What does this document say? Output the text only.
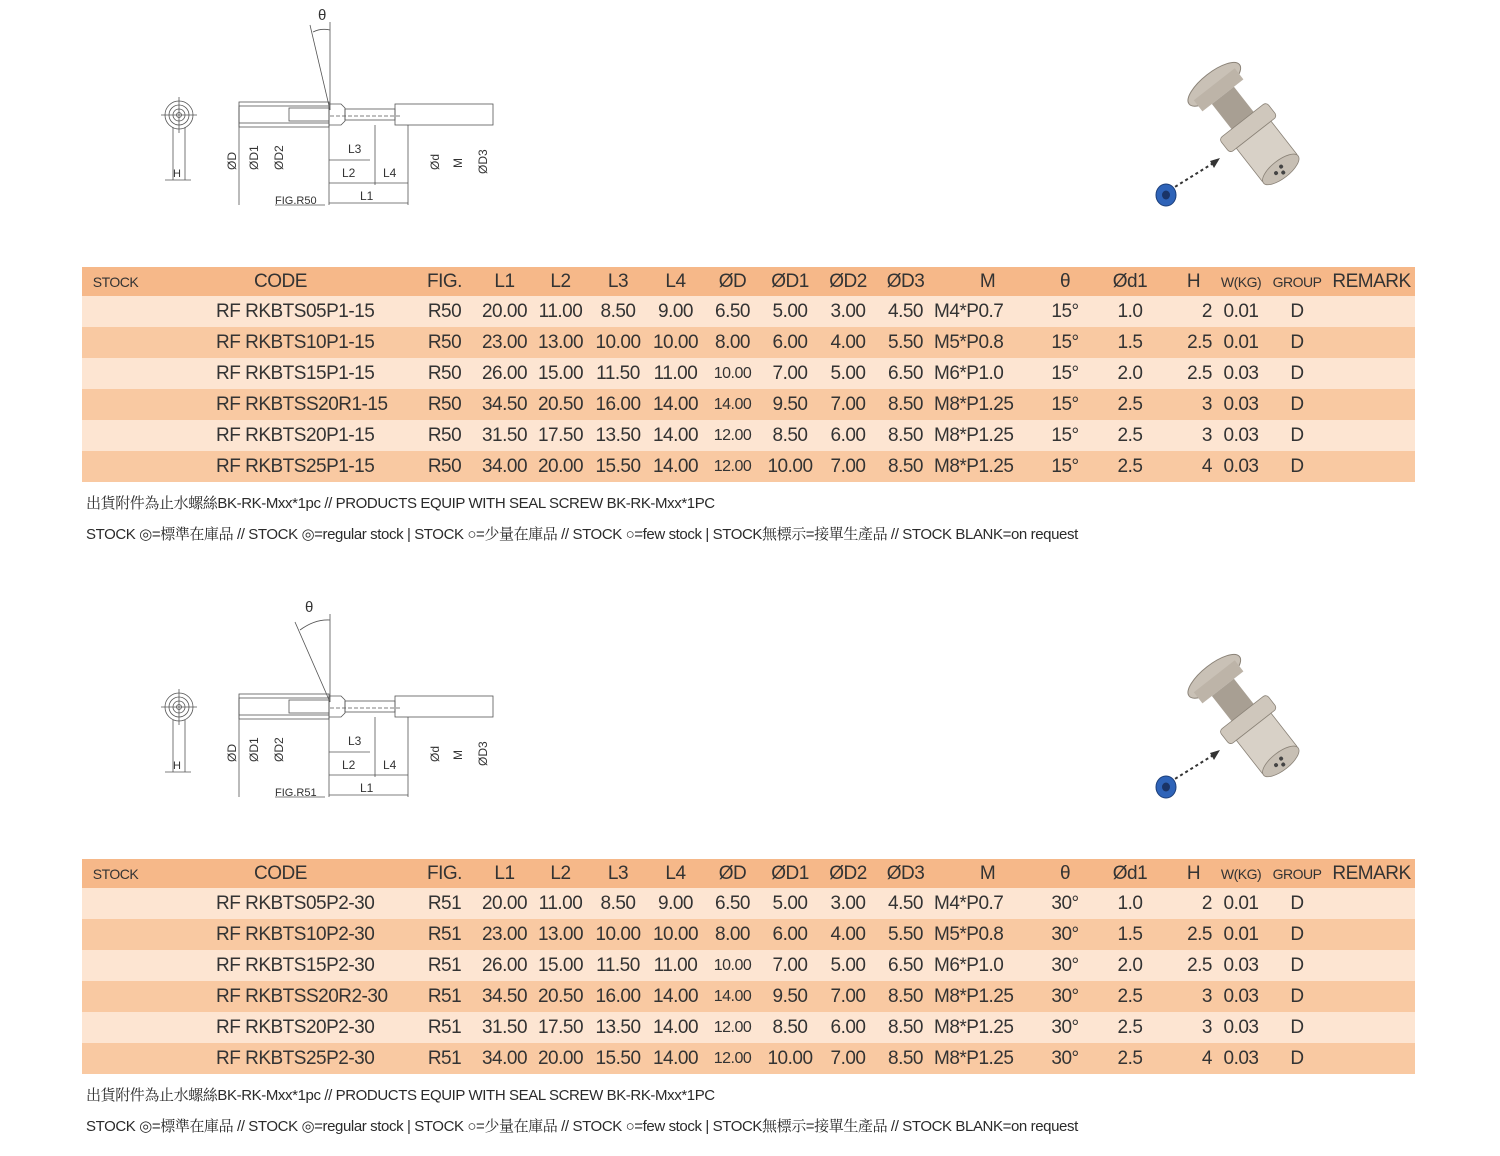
θ
H
ØD ØD1 ØD2	L3
L2 L4
L1
Ød M ØD3
FIG.R50
STOCK	CODE	FIG.	L1	L2	L3	L4	ØD	ØD1	ØD2	ØD3	M	θ	Ød1	H	W(KG)	GROUP	REMARK
	RF RKBTS05P1-15	R50	20.00	11.00	8.50	9.00	6.50	5.00	3.00	4.50	M4*P0.7	15°	1.0	2	0.01	D	
	RF RKBTS10P1-15	R50	23.00	13.00	10.00	10.00	8.00	6.00	4.00	5.50	M5*P0.8	15°	1.5	2.5	0.01	D	
	RF RKBTS15P1-15	R50	26.00	15.00	11.50	11.00	10.00	7.00	5.00	6.50	M6*P1.0	15°	2.0	2.5	0.03	D	
	RF RKBTSS20R1-15	R50	34.50	20.50	16.00	14.00	14.00	9.50	7.00	8.50	M8*P1.25	15°	2.5	3	0.03	D	
	RF RKBTS20P1-15	R50	31.50	17.50	13.50	14.00	12.00	8.50	6.00	8.50	M8*P1.25	15°	2.5	3	0.03	D	
	RF RKBTS25P1-15	R50	34.00	20.00	15.50	14.00	12.00	10.00	7.00	8.50	M8*P1.25	15°	2.5	4	0.03	D	
出貨附件為止水螺絲BK-RK-Mxx*1pc // PRODUCTS EQUIP WITH SEAL SCREW BK-RK-Mxx*1PC
STOCK ◎=標準在庫品 // STOCK ◎=regular stock | STOCK ○=少量在庫品 // STOCK ○=few stock | STOCK無標示=接單生產品 // STOCK BLANK=on request
θ
H
ØD ØD1 ØD2	L3
L2 L4
L1
Ød M ØD3
FIG.R51
STOCK	CODE	FIG.	L1	L2	L3	L4	ØD	ØD1	ØD2	ØD3	M	θ	Ød1	H	W(KG)	GROUP	REMARK
	RF RKBTS05P2-30	R51	20.00	11.00	8.50	9.00	6.50	5.00	3.00	4.50	M4*P0.7	30°	1.0	2	0.01	D	
	RF RKBTS10P2-30	R51	23.00	13.00	10.00	10.00	8.00	6.00	4.00	5.50	M5*P0.8	30°	1.5	2.5	0.01	D	
	RF RKBTS15P2-30	R51	26.00	15.00	11.50	11.00	10.00	7.00	5.00	6.50	M6*P1.0	30°	2.0	2.5	0.03	D	
	RF RKBTSS20R2-30	R51	34.50	20.50	16.00	14.00	14.00	9.50	7.00	8.50	M8*P1.25	30°	2.5	3	0.03	D	
	RF RKBTS20P2-30	R51	31.50	17.50	13.50	14.00	12.00	8.50	6.00	8.50	M8*P1.25	30°	2.5	3	0.03	D	
	RF RKBTS25P2-30	R51	34.00	20.00	15.50	14.00	12.00	10.00	7.00	8.50	M8*P1.25	30°	2.5	4	0.03	D	
出貨附件為止水螺絲BK-RK-Mxx*1pc // PRODUCTS EQUIP WITH SEAL SCREW BK-RK-Mxx*1PC
STOCK ◎=標準在庫品 // STOCK ◎=regular stock | STOCK ○=少量在庫品 // STOCK ○=few stock | STOCK無標示=接單生產品 // STOCK BLANK=on request
